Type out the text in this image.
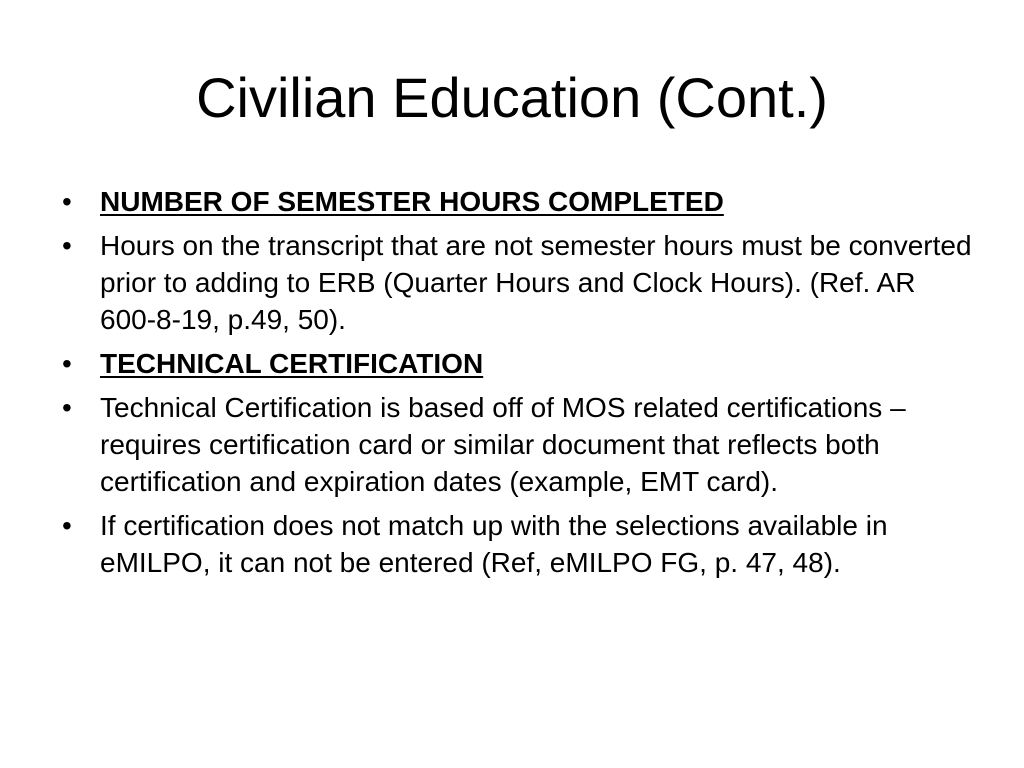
Civilian Education (Cont.)
•	NUMBER OF SEMESTER HOURS COMPLETED
•	Hours on the transcript that are not semester hours must be converted prior to adding to ERB (Quarter Hours and Clock Hours). (Ref. AR 600-8-19, p.49, 50).
•	TECHNICAL CERTIFICATION
•	Technical Certification is based off of MOS related certifications – requires certification card or similar document that reflects both certification and expiration dates (example, EMT card).
•	If certification does not match up with the selections available in eMILPO, it can not be entered (Ref, eMILPO FG, p. 47, 48).
